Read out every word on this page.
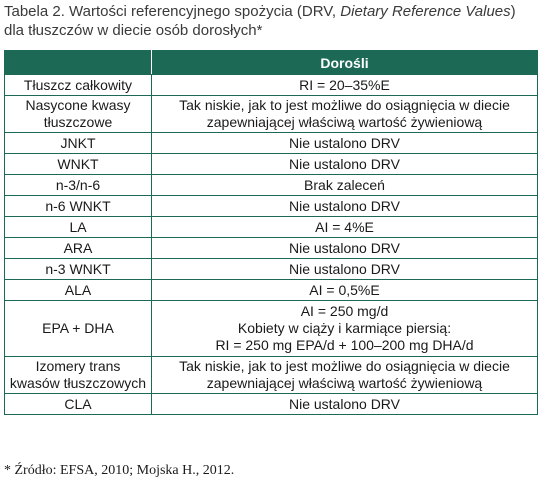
Tabela 2. Wartości referencyjnego spożycia (DRV, Dietary Reference Values) dla tłuszczów w diecie osób dorosłych*
	Dorośli
Tłuszcz całkowity	RI = 20–35%E
Nasycone kwasy tłuszczowe	Tak niskie, jak to jest możliwe do osiągnięcia w diecie zapewniającej właściwą wartość żywieniową
JNKT	Nie ustalono DRV
WNKT	Nie ustalono DRV
n-3/n-6	Brak zaleceń
n-6 WNKT	Nie ustalono DRV
LA	AI = 4%E
ARA	Nie ustalono DRV
n-3 WNKT	Nie ustalono DRV
ALA	AI = 0,5%E
EPA + DHA	AI = 250 mg/d
Kobiety w ciąży i karmiące piersią:
RI = 250 mg EPA/d + 100–200 mg DHA/d
Izomery trans kwasów tłuszczowych	Tak niskie, jak to jest możliwe do osiągnięcia w diecie zapewniającej właściwą wartość żywieniową
CLA	Nie ustalono DRV
* Źródło: EFSA, 2010; Mojska H., 2012.
